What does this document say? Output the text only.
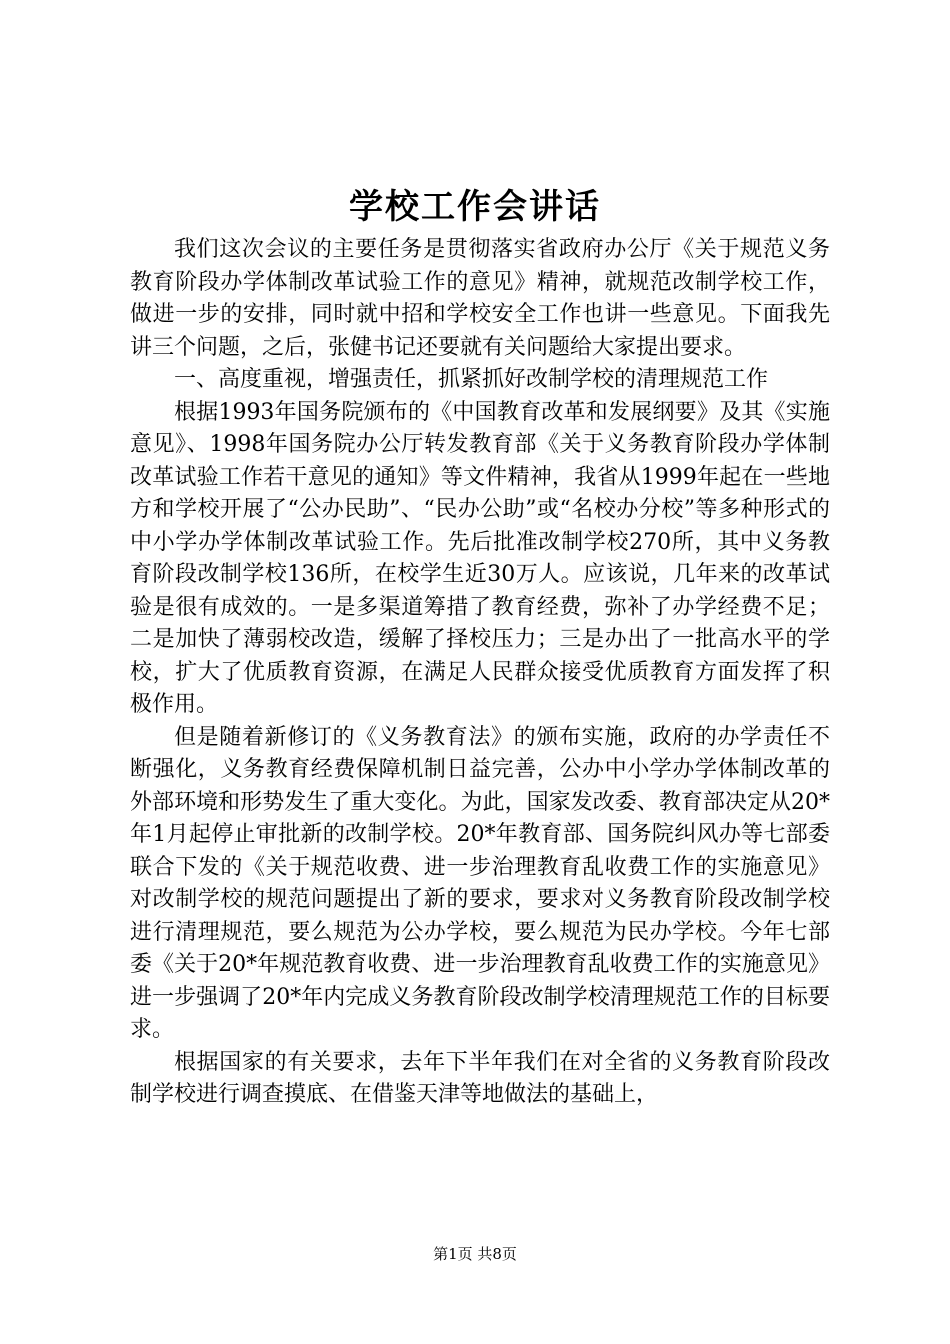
学校工作会讲话

我们这次会议的主要任务是贯彻落实省政府办公厅《关于规范义务教育阶段办学体制改革试验工作的意见》精神，就规范改制学校工作，做进一步的安排，同时就中招和学校安全工作也讲一些意见。下面我先讲三个问题，之后，张健书记还要就有关问题给大家提出要求。

一、高度重视，增强责任，抓紧抓好改制学校的清理规范工作

根据1993年国务院颁布的《中国教育改革和发展纲要》及其《实施意见》、1998年国务院办公厅转发教育部《关于义务教育阶段办学体制改革试验工作若干意见的通知》等文件精神，我省从1999年起在一些地方和学校开展了“公办民助”、“民办公助”或“名校办分校”等多种形式的中小学办学体制改革试验工作。先后批准改制学校270所，其中义务教育阶段改制学校136所，在校学生近30万人。应该说，几年来的改革试验是很有成效的。一是多渠道筹措了教育经费，弥补了办学经费不足；二是加快了薄弱校改造，缓解了择校压力；三是办出了一批高水平的学校，扩大了优质教育资源，在满足人民群众接受优质教育方面发挥了积极作用。

但是随着新修订的《义务教育法》的颁布实施，政府的办学责任不断强化，义务教育经费保障机制日益完善，公办中小学办学体制改革的外部环境和形势发生了重大变化。为此，国家发改委、教育部决定从20*年1月起停止审批新的改制学校。20*年教育部、国务院纠风办等七部委联合下发的《关于规范收费、进一步治理教育乱收费工作的实施意见》对改制学校的规范问题提出了新的要求，要求对义务教育阶段改制学校进行清理规范，要么规范为公办学校，要么规范为民办学校。今年七部委《关于20*年规范教育收费、进一步治理教育乱收费工作的实施意见》进一步强调了20*年内完成义务教育阶段改制学校清理规范工作的目标要求。

根据国家的有关要求，去年下半年我们在对全省的义务教育阶段改制学校进行调查摸底、在借鉴天津等地做法的基础上，

第1页 共8页
